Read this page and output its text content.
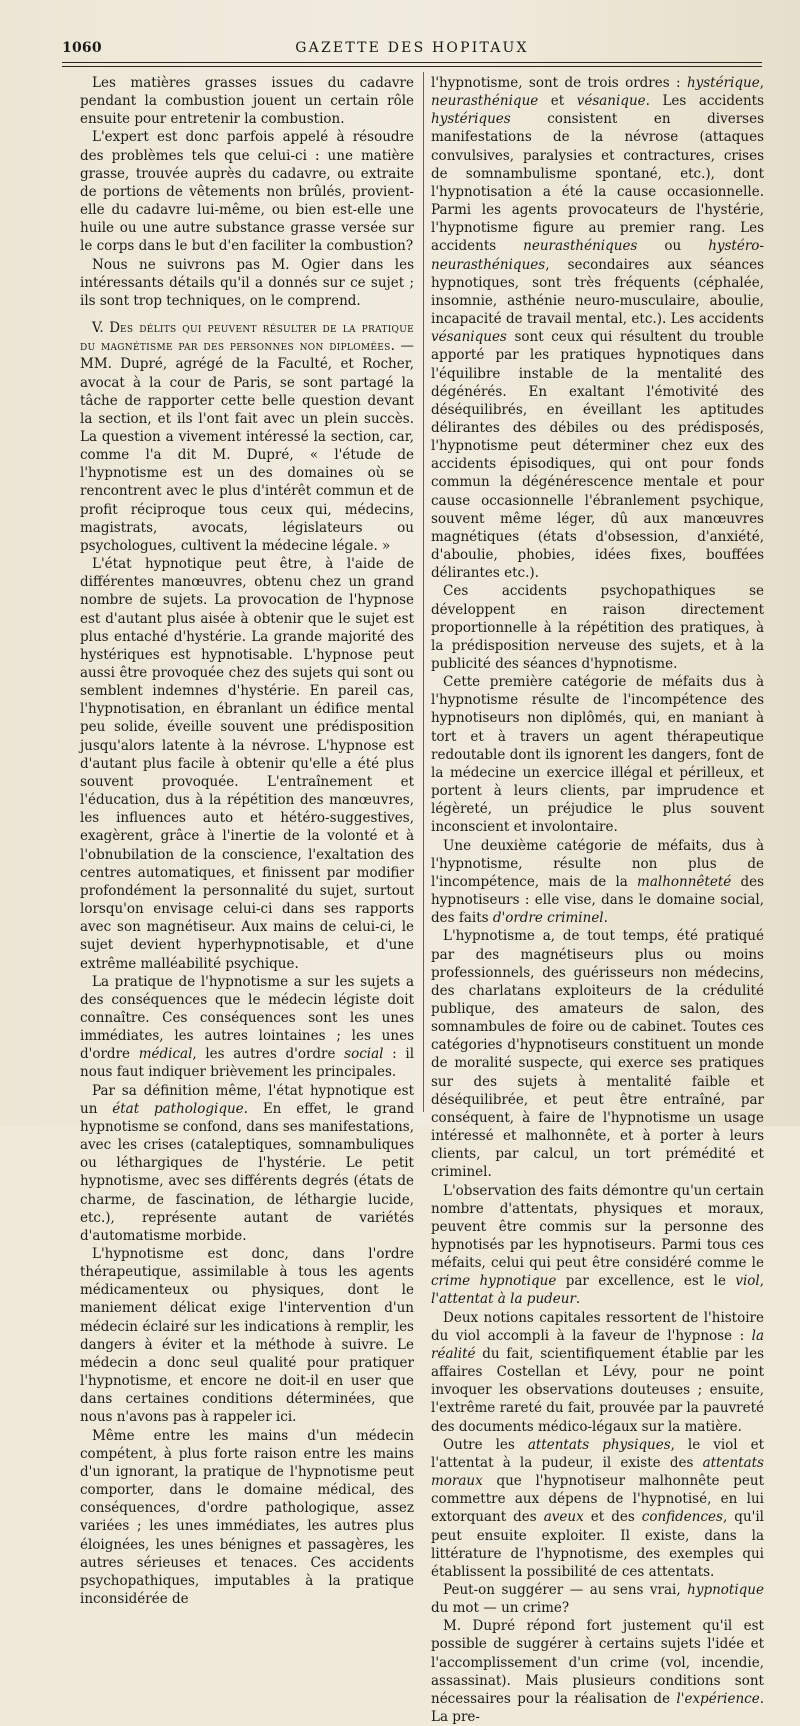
1060	GAZETTE DES HOPITAUX

Les matières grasses issues du cadavre pendant la combustion jouent un certain rôle ensuite pour entretenir la combustion.

L'expert est donc parfois appelé à résoudre des problèmes tels que celui-ci : une matière grasse, trouvée auprès du cadavre, ou extraite de portions de vêtements non brûlés, provient-elle du cadavre lui-même, ou bien est-elle une huile ou une autre substance grasse versée sur le corps dans le but d'en faciliter la combustion?

Nous ne suivrons pas M. Ogier dans les intéressants détails qu'il a donnés sur ce sujet ; ils sont trop techniques, on le comprend.

V. Des délits qui peuvent résulter de la pratique du magnétisme par des personnes non diplomées. — MM. Dupré, agrégé de la Faculté, et Rocher, avocat à la cour de Paris, se sont partagé la tâche de rapporter cette belle question devant la section, et ils l'ont fait avec un plein succès. La question a vivement intéressé la section, car, comme l'a dit M. Dupré, « l'étude de l'hypnotisme est un des domaines où se rencontrent avec le plus d'intérêt commun et de profit réciproque tous ceux qui, médecins, magistrats, avocats, législateurs ou psychologues, cultivent la médecine légale. »

L'état hypnotique peut être, à l'aide de différentes manœuvres, obtenu chez un grand nombre de sujets. La provocation de l'hypnose est d'autant plus aisée à obtenir que le sujet est plus entaché d'hystérie. La grande majorité des hystériques est hypnotisable. L'hypnose peut aussi être provoquée chez des sujets qui sont ou semblent indemnes d'hystérie. En pareil cas, l'hypnotisation, en ébranlant un édifice mental peu solide, éveille souvent une prédisposition jusqu'alors latente à la névrose. L'hypnose est d'autant plus facile à obtenir qu'elle a été plus souvent provoquée. L'entraînement et l'éducation, dus à la répétition des manœuvres, les influences auto et hétéro-suggestives, exagèrent, grâce à l'inertie de la volonté et à l'obnubilation de la conscience, l'exaltation des centres automatiques, et finissent par modifier profondément la personnalité du sujet, surtout lorsqu'on envisage celui-ci dans ses rapports avec son magnétiseur. Aux mains de celui-ci, le sujet devient hyperhypnotisable, et d'une extrême malléabilité psychique.

La pratique de l'hypnotisme a sur les sujets a des conséquences que le médecin légiste doit connaître. Ces conséquences sont les unes immédiates, les autres lointaines ; les unes d'ordre médical, les autres d'ordre social : il nous faut indiquer brièvement les principales.

Par sa définition même, l'état hypnotique est un état pathologique. En effet, le grand hypnotisme se confond, dans ses manifestations, avec les crises (cataleptiques, somnambuliques ou léthargiques de l'hystérie. Le petit hypnotisme, avec ses différents degrés (états de charme, de fascination, de léthargie lucide, etc.), représente autant de variétés d'automatisme morbide.

L'hypnotisme est donc, dans l'ordre thérapeutique, assimilable à tous les agents médicamenteux ou physiques, dont le maniement délicat exige l'intervention d'un médecin éclairé sur les indications à remplir, les dangers à éviter et la méthode à suivre. Le médecin a donc seul qualité pour pratiquer l'hypnotisme, et encore ne doit-il en user que dans certaines conditions déterminées, que nous n'avons pas à rappeler ici.

Même entre les mains d'un médecin compétent, à plus forte raison entre les mains d'un ignorant, la pratique de l'hypnotisme peut comporter, dans le domaine médical, des conséquences, d'ordre pathologique, assez variées ; les unes immédiates, les autres plus éloignées, les unes bénignes et passagères, les autres sérieuses et tenaces. Ces accidents psychopathiques, imputables à la pratique inconsidérée de

l'hypnotisme, sont de trois ordres : hystérique, neurasthénique et vésanique. Les accidents hystériques consistent en diverses manifestations de la névrose (attaques convulsives, paralysies et contractures, crises de somnambulisme spontané, etc.), dont l'hypnotisation a été la cause occasionnelle. Parmi les agents provocateurs de l'hystérie, l'hypnotisme figure au premier rang. Les accidents neurasthéniques ou hystéro-neurasthéniques, secondaires aux séances hypnotiques, sont très fréquents (céphalée, insomnie, asthénie neuro-musculaire, aboulie, incapacité de travail mental, etc.). Les accidents vésaniques sont ceux qui résultent du trouble apporté par les pratiques hypnotiques dans l'équilibre instable de la mentalité des dégénérés. En exaltant l'émotivité des déséquilibrés, en éveillant les aptitudes délirantes des débiles ou des prédisposés, l'hypnotisme peut déterminer chez eux des accidents épisodiques, qui ont pour fonds commun la dégénérescence mentale et pour cause occasionnelle l'ébranlement psychique, souvent même léger, dû aux manœuvres magnétiques (états d'obsession, d'anxiété, d'aboulie, phobies, idées fixes, bouffées délirantes etc.).

Ces accidents psychopathiques se développent en raison directement proportionnelle à la répétition des pratiques, à la prédisposition nerveuse des sujets, et à la publicité des séances d'hypnotisme.

Cette première catégorie de méfaits dus à l'hypnotisme résulte de l'incompétence des hypnotiseurs non diplômés, qui, en maniant à tort et à travers un agent thérapeutique redoutable dont ils ignorent les dangers, font de la médecine un exercice illégal et périlleux, et portent à leurs clients, par imprudence et légèreté, un préjudice le plus souvent inconscient et involontaire.

Une deuxième catégorie de méfaits, dus à l'hypnotisme, résulte non plus de l'incompétence, mais de la malhonnêteté des hypnotiseurs : elle vise, dans le domaine social, des faits d'ordre criminel.

L'hypnotisme a, de tout temps, été pratiqué par des magnétiseurs plus ou moins professionnels, des guérisseurs non médecins, des charlatans exploiteurs de la crédulité publique, des amateurs de salon, des somnambules de foire ou de cabinet. Toutes ces catégories d'hypnotiseurs constituent un monde de moralité suspecte, qui exerce ses pratiques sur des sujets à mentalité faible et déséquilibrée, et peut être entraîné, par conséquent, à faire de l'hypnotisme un usage intéressé et malhonnête, et à porter à leurs clients, par calcul, un tort prémédité et criminel.

L'observation des faits démontre qu'un certain nombre d'attentats, physiques et moraux, peuvent être commis sur la personne des hypnotisés par les hypnotiseurs. Parmi tous ces méfaits, celui qui peut être considéré comme le crime hypnotique par excellence, est le viol, l'attentat à la pudeur.

Deux notions capitales ressortent de l'histoire du viol accompli à la faveur de l'hypnose : la réalité du fait, scientifiquement établie par les affaires Costellan et Lévy, pour ne point invoquer les observations douteuses ; ensuite, l'extrême rareté du fait, prouvée par la pauvreté des documents médico-légaux sur la matière.

Outre les attentats physiques, le viol et l'attentat à la pudeur, il existe des attentats moraux que l'hypnotiseur malhonnête peut commettre aux dépens de l'hypnotisé, en lui extorquant des aveux et des confidences, qu'il peut ensuite exploiter. Il existe, dans la littérature de l'hypnotisme, des exemples qui établissent la possibilité de ces attentats.

Peut-on suggérer — au sens vrai, hypnotique du mot — un crime?

M. Dupré répond fort justement qu'il est possible de suggérer à certains sujets l'idée et l'accomplissement d'un crime (vol, incendie, assassinat). Mais plusieurs conditions sont nécessaires pour la réalisation de l'expérience. La pre-
